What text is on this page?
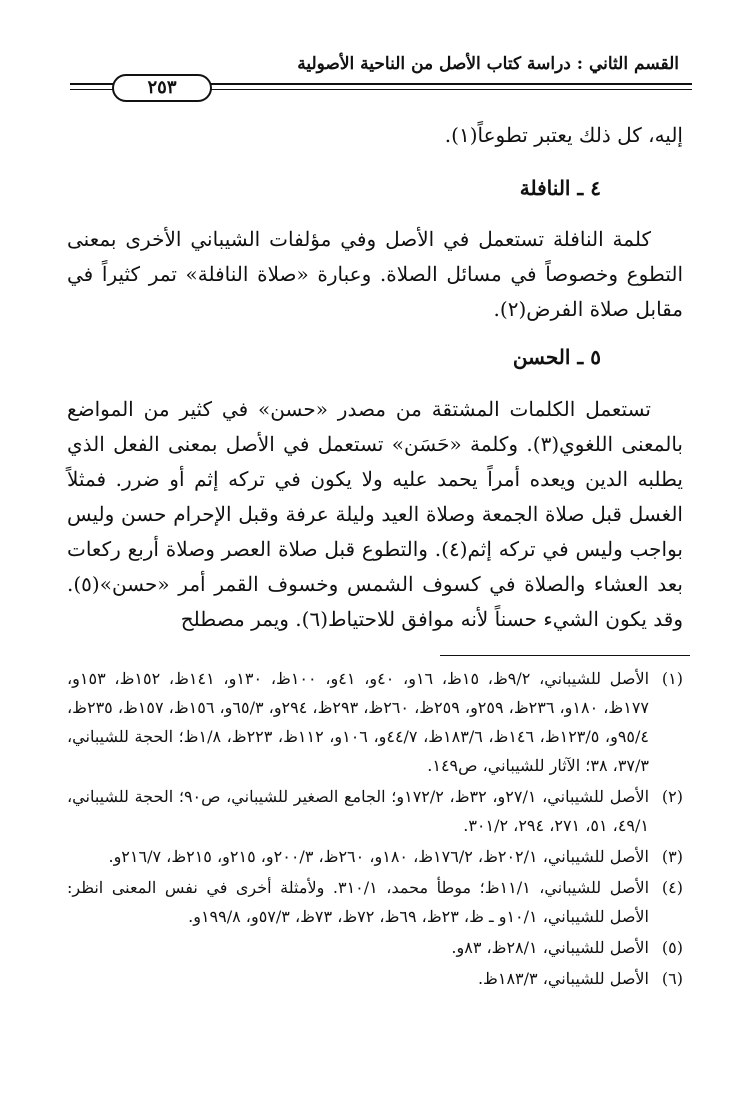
القسم الثاني : دراسة كتاب الأصل من الناحية الأصولية
٢٥٣

إليه، كل ذلك يعتبر تطوعاً(١).

٤ ـ النافلة

كلمة النافلة تستعمل في الأصل وفي مؤلفات الشيباني الأخرى بمعنى التطوع وخصوصاً في مسائل الصلاة. وعبارة «صلاة النافلة» تمر كثيراً في مقابل صلاة الفرض(٢).

٥ ـ الحسن

تستعمل الكلمات المشتقة من مصدر «حسن» في كثير من المواضع بالمعنى اللغوي(٣). وكلمة «حَسَن» تستعمل في الأصل بمعنى الفعل الذي يطلبه الدين ويعده أمراً يحمد عليه ولا يكون في تركه إثم أو ضرر. فمثلاً الغسل قبل صلاة الجمعة وصلاة العيد وليلة عرفة وقبل الإحرام حسن وليس بواجب وليس في تركه إثم(٤). والتطوع قبل صلاة العصر وصلاة أربع ركعات بعد العشاء والصلاة في كسوف الشمس وخسوف القمر أمر «حسن»(٥). وقد يكون الشيء حسناً لأنه موافق للاحتياط(٦). ويمر مصطلح

(١)
الأصل للشيباني، ٩/٢ظ، ١٥ظ، ١٦و، ٤٠و، ٤١و، ١٠٠ظ، ١٣٠و، ١٤١ظ، ١٥٢ظ، ١٥٣و، ١٧٧ظ، ١٨٠و، ٢٣٦ظ، ٢٥٩و، ٢٥٩ظ، ٢٦٠ظ، ٢٩٣ظ، ٢٩٤و، ٦٥/٣و، ١٥٦ظ، ١٥٧ظ، ٢٣٥ظ، ٩٥/٤و، ١٢٣/٥ظ، ١٤٦ظ، ١٨٣/٦ظ، ٤٤/٧و، ١٠٦و، ١١٢ظ، ٢٢٣ظ، ١/٨ظ؛ الحجة للشيباني، ٣٧/٣، ٣٨؛ الآثار للشيباني، ص١٤٩.
(٢)
الأصل للشيباني، ٢٧/١و، ٣٢ظ، ١٧٢/٢و؛ الجامع الصغير للشيباني، ص٩٠؛ الحجة للشيباني، ٤٩/١، ٥١، ٢٧١، ٢٩٤، ٣٠١/٢.
(٣)
الأصل للشيباني، ٢٠٢/١ظ، ١٧٦/٢ظ، ١٨٠و، ٢٦٠ظ، ٢٠٠/٣و، ٢١٥و، ٢١٥ظ، ٢١٦/٧و.
(٤)
الأصل للشيباني، ١١/١ظ؛ موطأ محمد، ٣١٠/١. ولأمثلة أخرى في نفس المعنى انظر: الأصل للشيباني، ١٠/١و ـ ظ، ٢٣ظ، ٦٩ظ، ٧٢ظ، ٧٣ظ، ٥٧/٣و، ١٩٩/٨و.
(٥)
الأصل للشيباني، ٢٨/١ظ، ٨٣و.
(٦)
الأصل للشيباني، ١٨٣/٣ظ.
